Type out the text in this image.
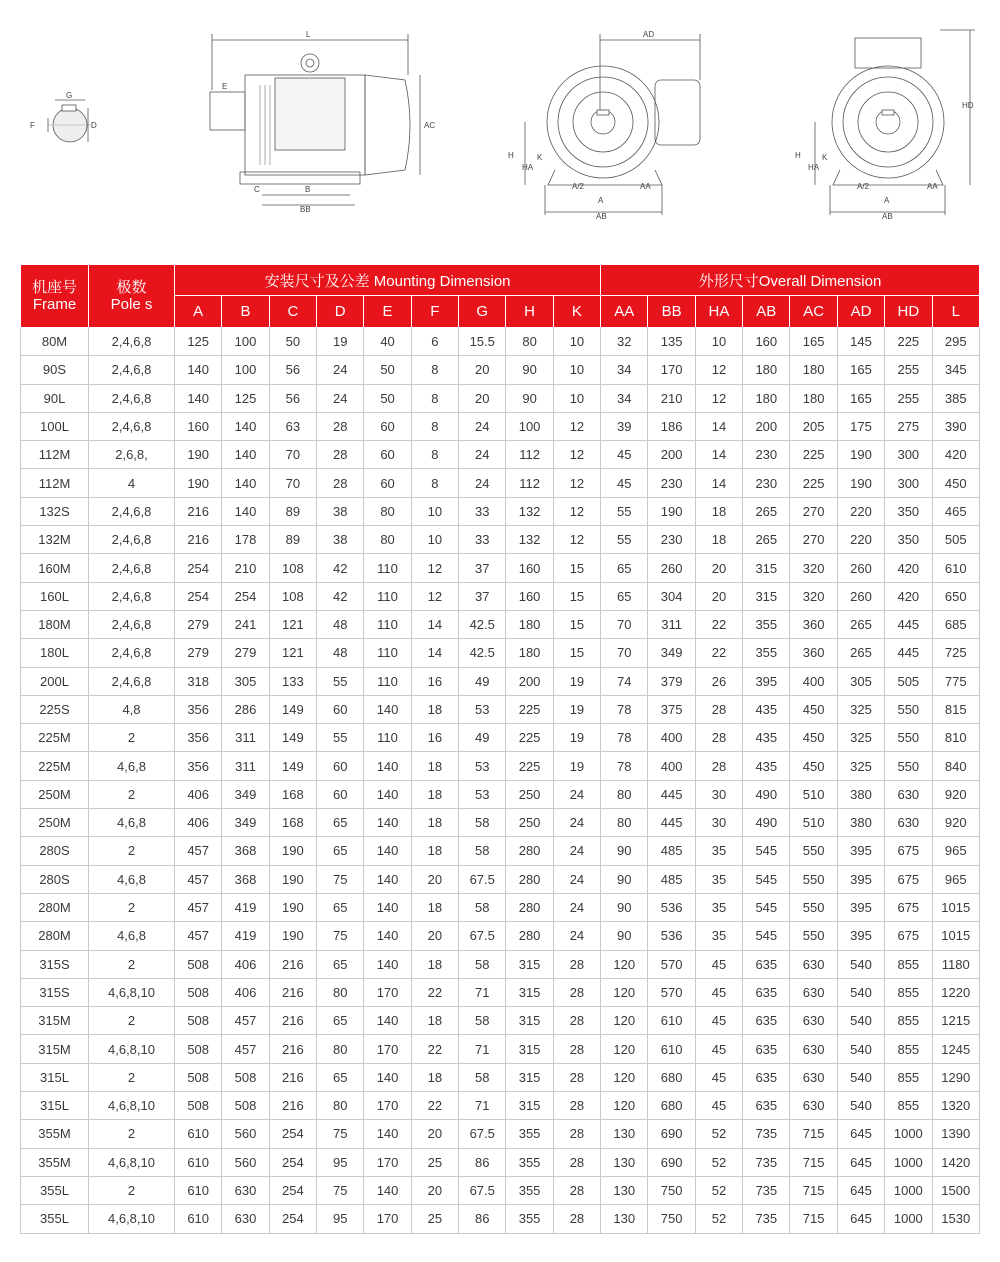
G
F	D
L
E
AC
C	B
BB
AD
H
HA
K
A/2
A
AA
AB
HD
H
HA
K
A/2
A
AA
AB
机座号
Frame	极数
Pole s	安装尺寸及公差 Mounting Dimension									外形尺寸Overall Dimension							
		A	B	C	D	E	F	G	H	K	AA	BB	HA	AB	AC	AD	HD	L
80M	2,4,6,8	125	100	50	19	40	6	15.5	80	10	32	135	10	160	165	145	225	295
90S	2,4,6,8	140	100	56	24	50	8	20	90	10	34	170	12	180	180	165	255	345
90L	2,4,6,8	140	125	56	24	50	8	20	90	10	34	210	12	180	180	165	255	385
100L	2,4,6,8	160	140	63	28	60	8	24	100	12	39	186	14	200	205	175	275	390
112M	2,6,8,	190	140	70	28	60	8	24	112	12	45	200	14	230	225	190	300	420
112M	4	190	140	70	28	60	8	24	112	12	45	230	14	230	225	190	300	450
132S	2,4,6,8	216	140	89	38	80	10	33	132	12	55	190	18	265	270	220	350	465
132M	2,4,6,8	216	178	89	38	80	10	33	132	12	55	230	18	265	270	220	350	505
160M	2,4,6,8	254	210	108	42	110	12	37	160	15	65	260	20	315	320	260	420	610
160L	2,4,6,8	254	254	108	42	110	12	37	160	15	65	304	20	315	320	260	420	650
180M	2,4,6,8	279	241	121	48	110	14	42.5	180	15	70	311	22	355	360	265	445	685
180L	2,4,6,8	279	279	121	48	110	14	42.5	180	15	70	349	22	355	360	265	445	725
200L	2,4,6,8	318	305	133	55	110	16	49	200	19	74	379	26	395	400	305	505	775
225S	4,8	356	286	149	60	140	18	53	225	19	78	375	28	435	450	325	550	815
225M	2	356	311	149	55	110	16	49	225	19	78	400	28	435	450	325	550	810
225M	4,6,8	356	311	149	60	140	18	53	225	19	78	400	28	435	450	325	550	840
250M	2	406	349	168	60	140	18	53	250	24	80	445	30	490	510	380	630	920
250M	4,6,8	406	349	168	65	140	18	58	250	24	80	445	30	490	510	380	630	920
280S	2	457	368	190	65	140	18	58	280	24	90	485	35	545	550	395	675	965
280S	4,6,8	457	368	190	75	140	20	67.5	280	24	90	485	35	545	550	395	675	965
280M	2	457	419	190	65	140	18	58	280	24	90	536	35	545	550	395	675	1015
280M	4,6,8	457	419	190	75	140	20	67.5	280	24	90	536	35	545	550	395	675	1015
315S	2	508	406	216	65	140	18	58	315	28	120	570	45	635	630	540	855	1180
315S	4,6,8,10	508	406	216	80	170	22	71	315	28	120	570	45	635	630	540	855	1220
315M	2	508	457	216	65	140	18	58	315	28	120	610	45	635	630	540	855	1215
315M	4,6,8,10	508	457	216	80	170	22	71	315	28	120	610	45	635	630	540	855	1245
315L	2	508	508	216	65	140	18	58	315	28	120	680	45	635	630	540	855	1290
315L	4,6,8,10	508	508	216	80	170	22	71	315	28	120	680	45	635	630	540	855	1320
355M	2	610	560	254	75	140	20	67.5	355	28	130	690	52	735	715	645	1000	1390
355M	4,6,8,10	610	560	254	95	170	25	86	355	28	130	690	52	735	715	645	1000	1420
355L	2	610	630	254	75	140	20	67.5	355	28	130	750	52	735	715	645	1000	1500
355L	4,6,8,10	610	630	254	95	170	25	86	355	28	130	750	52	735	715	645	1000	1530
